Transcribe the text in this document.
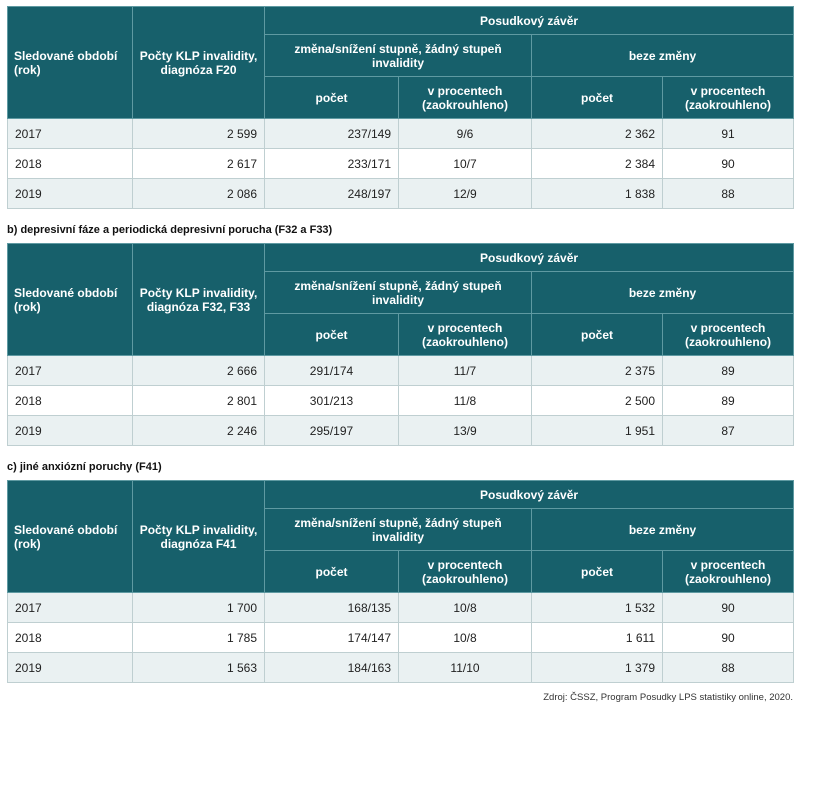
Sledované období (rok)	Počty KLP invalidity, diagnóza F20	Posudkový závěr			
		změna/snížení stupně, žádný stupeň invalidity		beze změny	
		počet	v procentech (zaokrouhleno)	počet	v procentech (zaokrouhleno)
2017	2 599	237/149	9/6	2 362	91
2018	2 617	233/171	10/7	2 384	90
2019	2 086	248/197	12/9	1 838	88
b) depresivní fáze a periodická depresivní porucha (F32 a F33)
Sledované období (rok)	Počty KLP invalidity, diagnóza F32, F33	Posudkový závěr			
		změna/snížení stupně, žádný stupeň invalidity		beze změny	
		počet	v procentech (zaokrouhleno)	počet	v procentech (zaokrouhleno)
2017	2 666	291/174	11/7	2 375	89
2018	2 801	301/213	11/8	2 500	89
2019	2 246	295/197	13/9	1 951	87
c) jiné anxiózní poruchy (F41)
Sledované období (rok)	Počty KLP invalidity, diagnóza F41	Posudkový závěr			
		změna/snížení stupně, žádný stupeň invalidity		beze změny	
		počet	v procentech (zaokrouhleno)	počet	v procentech (zaokrouhleno)
2017	1 700	168/135	10/8	1 532	90
2018	1 785	174/147	10/8	1 611	90
2019	1 563	184/163	11/10	1 379	88
Zdroj: ČSSZ, Program Posudky LPS statistiky online, 2020.
